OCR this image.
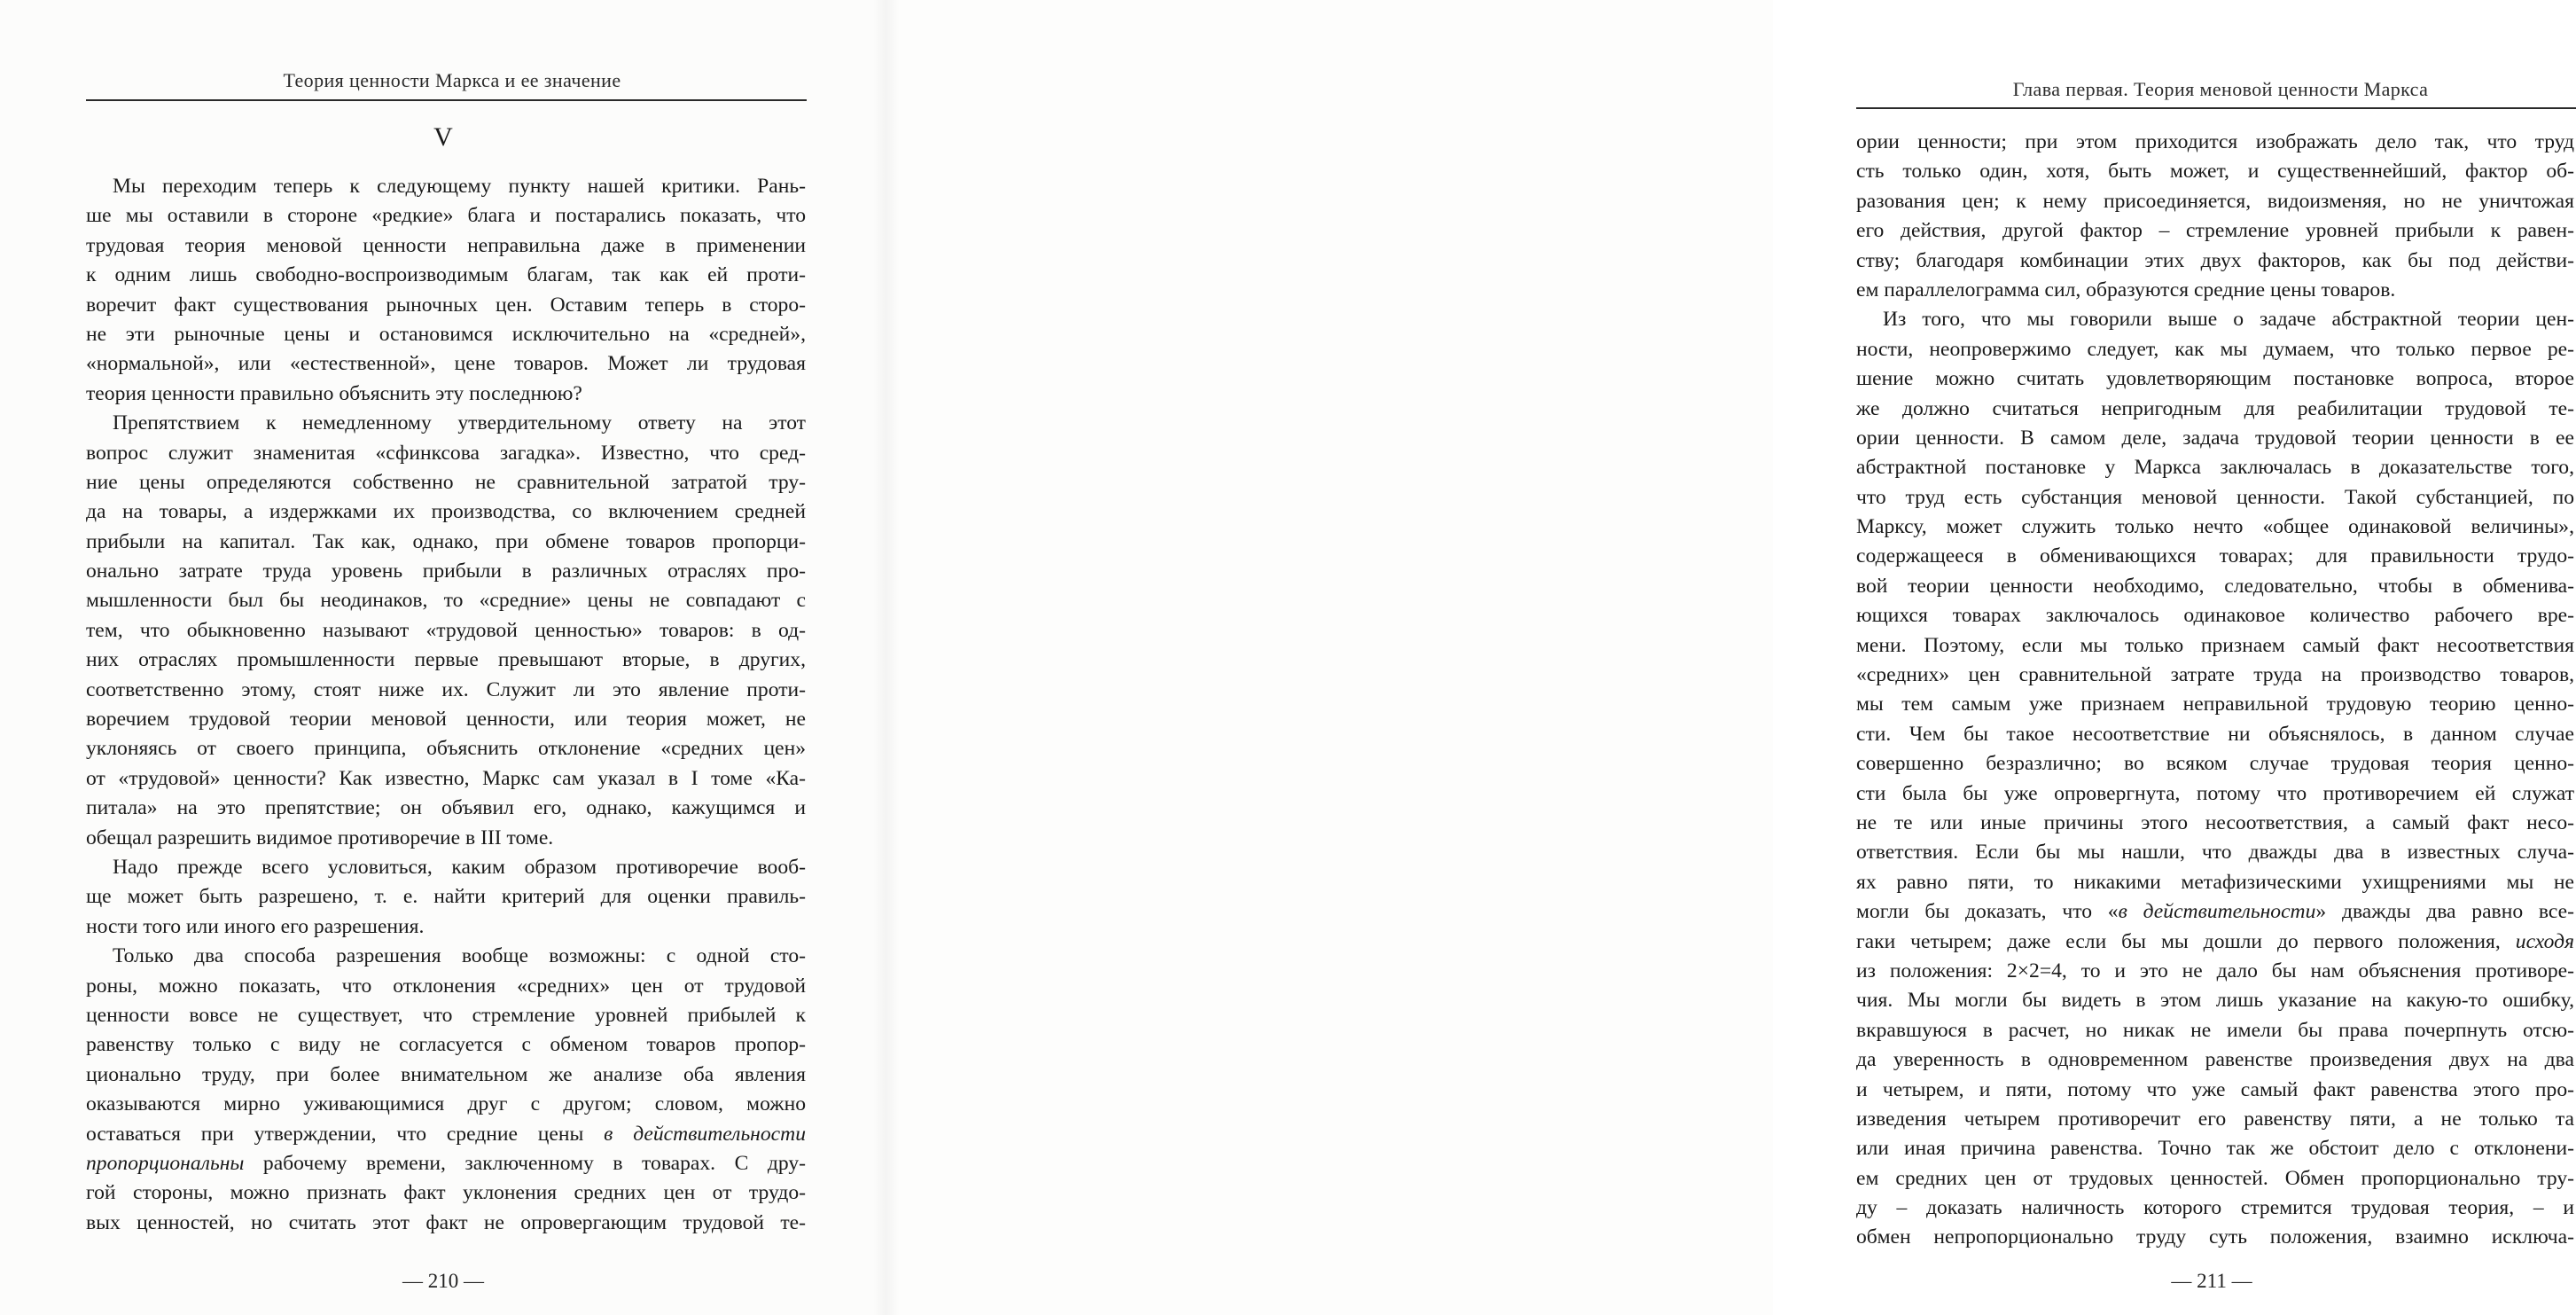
Теория ценности Маркса и ее значение
V
Мы переходим теперь к следующему пункту нашей критики. Рань-
ше мы оставили в стороне «редкие» блага и постарались показать, что
трудовая теория меновой ценности неправильна даже в применении
к одним лишь свободно-воспроизводимым благам, так как ей проти-
воречит факт существования рыночных цен. Оставим теперь в сторо-
не эти рыночные цены и остановимся исключительно на «средней»,
«нормальной», или «естественной», цене товаров. Может ли трудовая
теория ценности правильно объяснить эту последнюю?
Препятствием к немедленному утвердительному ответу на этот
вопрос служит знаменитая «сфинксова загадка». Известно, что сред-
ние цены определяются собственно не сравнительной затратой тру-
да на товары, а издержками их производства, со включением средней
прибыли на капитал. Так как, однако, при обмене товаров пропорци-
онально затрате труда уровень прибыли в различных отраслях про-
мышленности был бы неодинаков, то «средние» цены не совпадают с
тем, что обыкновенно называют «трудовой ценностью» товаров: в од-
них отраслях промышленности первые превышают вторые, в других,
соответственно этому, стоят ниже их. Служит ли это явление проти-
воречием трудовой теории меновой ценности, или теория может, не
уклоняясь от своего принципа, объяснить отклонение «средних цен»
от «трудовой» ценности? Как известно, Маркс сам указал в I томе «Ка-
питала» на это препятствие; он объявил его, однако, кажущимся и
обещал разрешить видимое противоречие в III томе.
Надо прежде всего условиться, каким образом противоречие вооб-
ще может быть разрешено, т. е. найти критерий для оценки правиль-
ности того или иного его разрешения.
Только два способа разрешения вообще возможны: с одной сто-
роны, можно показать, что отклонения «средних» цен от трудовой
ценности вовсе не существует, что стремление уровней прибылей к
равенству только с виду не согласуется с обменом товаров пропор-
ционально труду, при более внимательном же анализе оба явления
оказываются мирно уживающимися друг с другом; словом, можно
оставаться при утверждении, что средние цены в действительности
пропорциональны рабочему времени, заключенному в товарах. С дру-
гой стороны, можно признать факт уклонения средних цен от трудо-
вых ценностей, но считать этот факт не опровергающим трудовой те-
— 210 —
Глава первая. Теория меновой ценности Маркса
ории ценности; при этом приходится изображать дело так, что труд
сть только один, хотя, быть может, и существеннейший, фактор об-
разования цен; к нему присоединяется, видоизменяя, но не уничтожая
его действия, другой фактор – стремление уровней прибыли к равен-
ству; благодаря комбинации этих двух факторов, как бы под действи-
ем параллелограмма сил, образуются средние цены товаров.
Из того, что мы говорили выше о задаче абстрактной теории цен-
ности, неопровержимо следует, как мы думаем, что только первое ре-
шение можно считать удовлетворяющим постановке вопроса, второе
же должно считаться непригодным для реабилитации трудовой те-
ории ценности. В самом деле, задача трудовой теории ценности в ее
абстрактной постановке у Маркса заключалась в доказательстве того,
что труд есть субстанция меновой ценности. Такой субстанцией, по
Марксу, может служить только нечто «общее одинаковой величины»,
содержащееся в обменивающихся товарах; для правильности трудо-
вой теории ценности необходимо, следовательно, чтобы в обменива-
ющихся товарах заключалось одинаковое количество рабочего вре-
мени. Поэтому, если мы только признаем самый факт несоответствия
«средних» цен сравнительной затрате труда на производство товаров,
мы тем самым уже признаем неправильной трудовую теорию ценно-
сти. Чем бы такое несоответствие ни объяснялось, в данном случае
совершенно безразлично; во всяком случае трудовая теория ценно-
сти была бы уже опровергнута, потому что противоречием ей служат
не те или иные причины этого несоответствия, а самый факт несо-
ответствия. Если бы мы нашли, что дважды два в известных случа-
ях равно пяти, то никакими метафизическими ухищрениями мы не
могли бы доказать, что «в действительности» дважды два равно все-
гаки четырем; даже если бы мы дошли до первого положения, исходя
из положения: 2×2=4, то и это не дало бы нам объяснения противоре-
чия. Мы могли бы видеть в этом лишь указание на какую-то ошибку,
вкравшуюся в расчет, но никак не имели бы права почерпнуть отсю-
да уверенность в одновременном равенстве произведения двух на два
и четырем, и пяти, потому что уже самый факт равенства этого про-
изведения четырем противоречит его равенству пяти, а не только та
или иная причина равенства. Точно так же обстоит дело с отклонени-
ем средних цен от трудовых ценностей. Обмен пропорционально тру-
ду – доказать наличность которого стремится трудовая теория, – и
обмен непропорционально труду суть положения, взаимно исключа-
— 211 —
